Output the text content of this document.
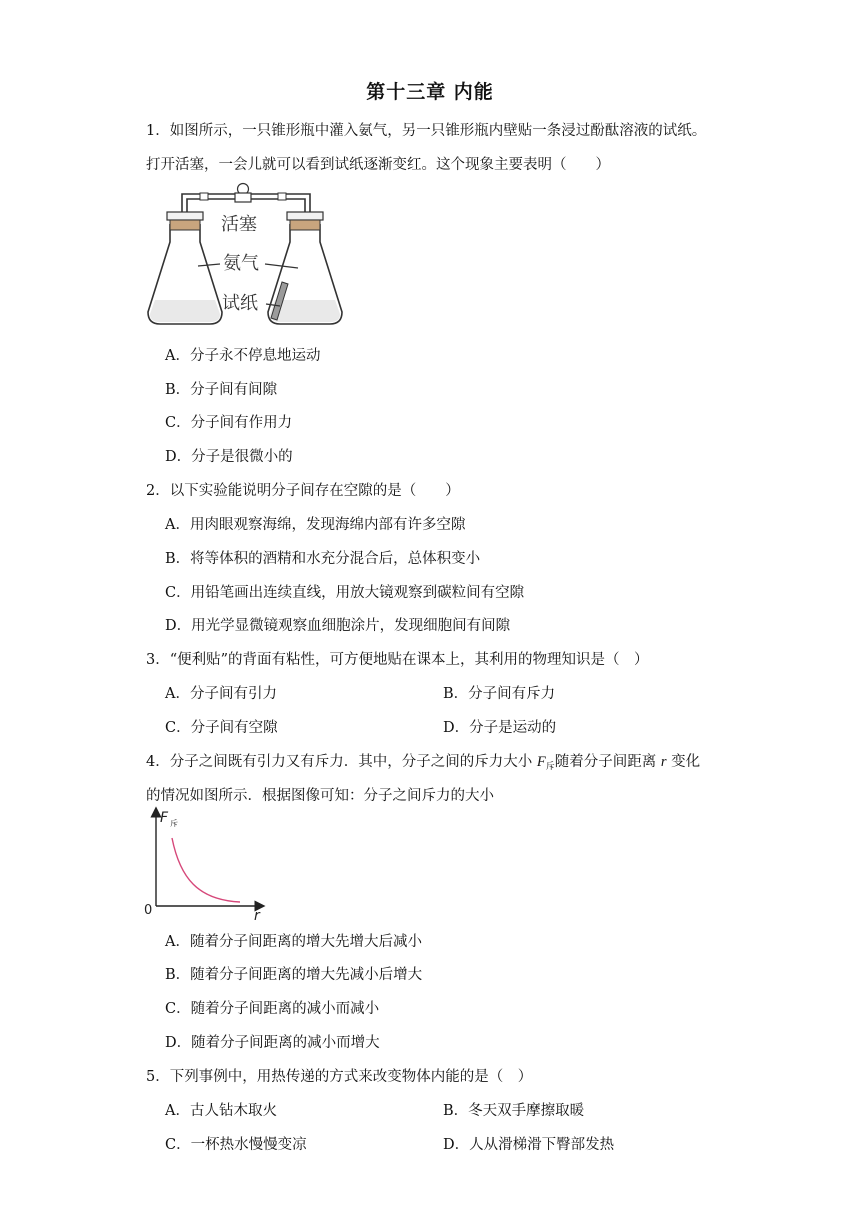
第十三章 内能
1．如图所示，一只锥形瓶中灌入氨气，另一只锥形瓶内壁贴一条浸过酚酞溶液的试纸。
打开活塞，一会儿就可以看到试纸逐渐变红。这个现象主要表明（　　）
活塞
氨气
试纸
A．分子永不停息地运动
B．分子间有间隙
C．分子间有作用力
D．分子是很微小的
2．以下实验能说明分子间存在空隙的是（　　）
A．用肉眼观察海绵，发现海绵内部有许多空隙
B．将等体积的酒精和水充分混合后，总体积变小
C．用铅笔画出连续直线，用放大镜观察到碳粒间有空隙
D．用光学显微镜观察血细胞涂片，发现细胞间有间隙
3．“便利贴”的背面有粘性，可方便地贴在课本上，其利用的物理知识是（　）
A．分子间有引力	B．分子间有斥力
C．分子间有空隙	D．分子是运动的
4．分子之间既有引力又有斥力．其中，分子之间的斥力大小 $F_斥$随着分子间距离 r 变化
的情况如图所示．根据图像可知：分子之间斥力的大小
F 斥
r
0
A．随着分子间距离的增大先增大后减小
B．随着分子间距离的增大先减小后增大
C．随着分子间距离的减小而减小
D．随着分子间距离的减小而增大
5．下列事例中，用热传递的方式来改变物体内能的是（　）
A．古人钻木取火	B．冬天双手摩擦取暖
C．一杯热水慢慢变凉	D．人从滑梯滑下臀部发热
